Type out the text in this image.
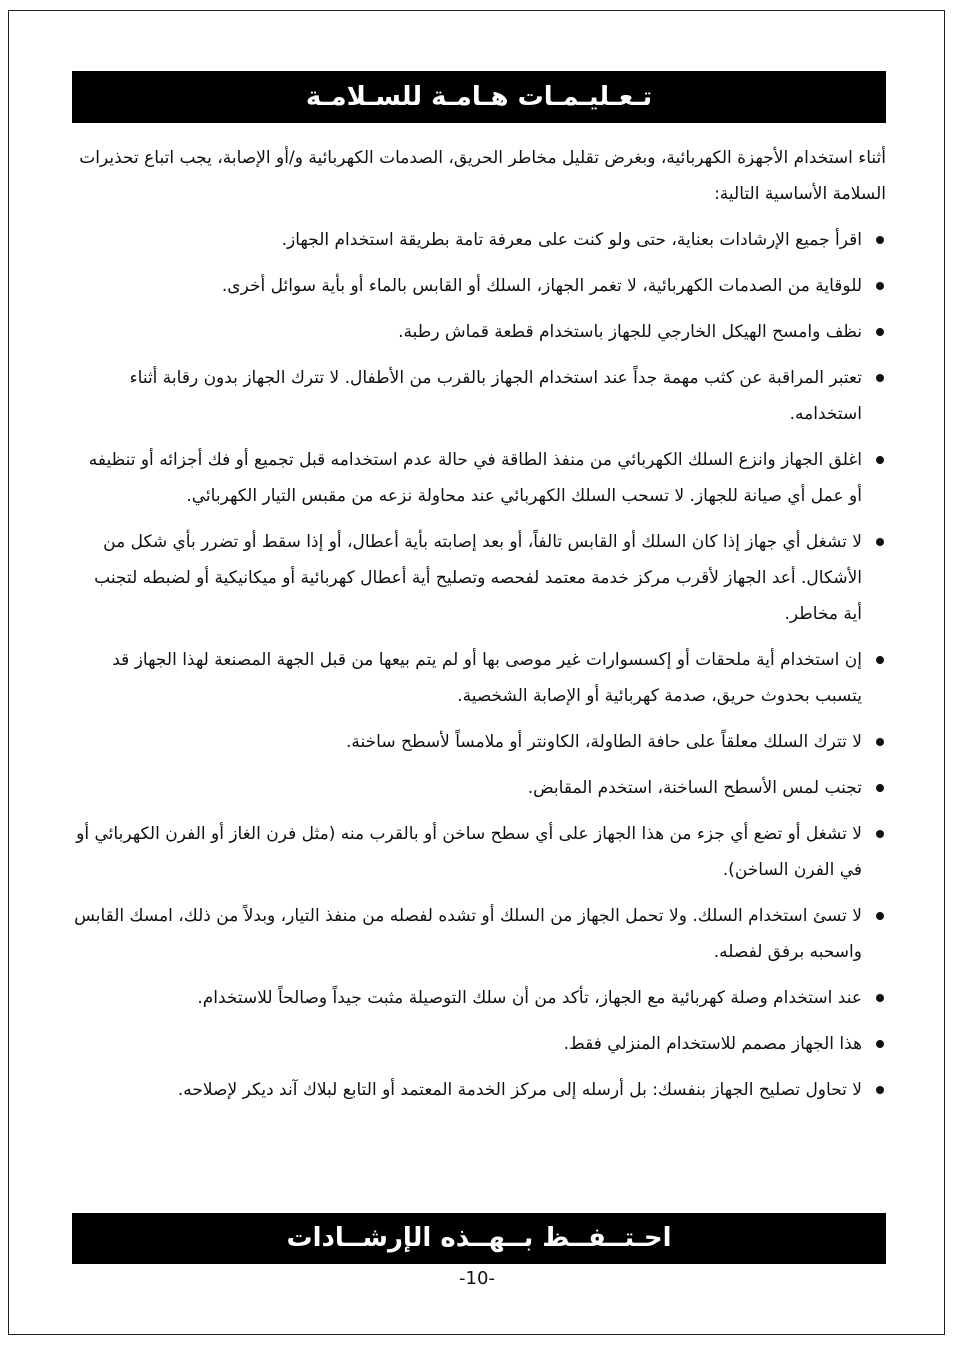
تـعـليـمـات هـامـة للسـلامـة

أثناء استخدام الأجهزة الكهربائية، وبغرض تقليل مخاطر الحريق، الصدمات الكهربائية و/أو الإصابة، يجب اتباع تحذيرات السلامة الأساسية التالية:

اقرأ جميع الإرشادات بعناية، حتى ولو كنت على معرفة تامة بطريقة استخدام الجهاز.
للوقاية من الصدمات الكهربائية، لا تغمر الجهاز، السلك أو القابس بالماء أو بأية سوائل أخرى.
نظف وامسح الهيكل الخارجي للجهاز باستخدام قطعة قماش رطبة.
تعتبر المراقبة عن كثب مهمة جداً عند استخدام الجهاز بالقرب من الأطفال. لا تترك الجهاز بدون رقابة أثناء استخدامه.
اغلق الجهاز وانزع السلك الكهربائي من منفذ الطاقة في حالة عدم استخدامه قبل تجميع أو فك أجزائه أو تنظيفه أو عمل أي صيانة للجهاز. لا تسحب السلك الكهربائي عند محاولة نزعه من مقبس التيار الكهربائي.
لا تشغل أي جهاز إذا كان السلك أو القابس تالفاً، أو بعد إصابته بأية أعطال، أو إذا سقط أو تضرر بأي شكل من الأشكال. أعد الجهاز لأقرب مركز خدمة معتمد لفحصه وتصليح أية أعطال كهربائية أو ميكانيكية أو لضبطه لتجنب أية مخاطر.
إن استخدام أية ملحقات أو إكسسوارات غير موصى بها أو لم يتم بيعها من قبل الجهة المصنعة لهذا الجهاز قد يتسبب بحدوث حريق، صدمة كهربائية أو الإصابة الشخصية.
لا تترك السلك معلقاً على حافة الطاولة، الكاونتر أو ملامساً لأسطح ساخنة.
تجنب لمس الأسطح الساخنة، استخدم المقابض.
لا تشغل أو تضع أي جزء من هذا الجهاز على أي سطح ساخن أو بالقرب منه (مثل فرن الغاز أو الفرن الكهربائي أو في الفرن الساخن).
لا تسئ استخدام السلك. ولا تحمل الجهاز من السلك أو تشده لفصله من منفذ التيار، وبدلاً من ذلك، امسك القابس واسحبه برفق لفصله.
عند استخدام وصلة كهربائية مع الجهاز، تأكد من أن سلك التوصيلة مثبت جيداً وصالحاً للاستخدام.
هذا الجهاز مصمم للاستخدام المنزلي فقط.
لا تحاول تصليح الجهاز بنفسك: بل أرسله إلى مركز الخدمة المعتمد أو التابع لبلاك آند ديكر لإصلاحه.
احـتــفــظ بــهــذه الإرشــادات
-10-
